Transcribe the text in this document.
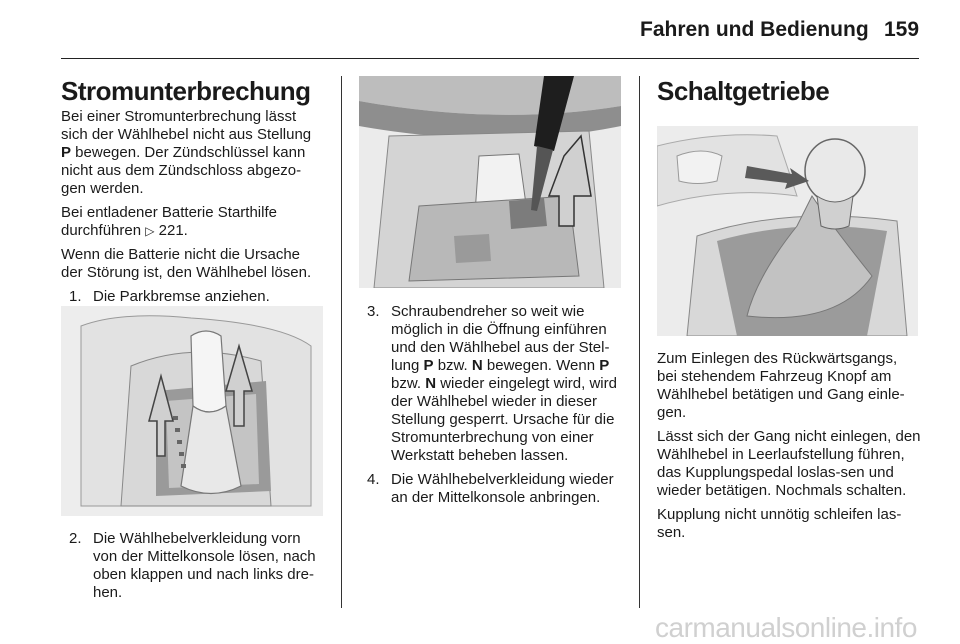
Fahren und Bedienung 159
Stromunterbrechung

Bei einer Stromunterbrechung lässt sich der Wählhebel nicht aus Stellung P bewegen. Der Zündschlüssel kann nicht aus dem Zündschloss abgezo-gen werden.

Bei entladener Batterie Starthilfe durchführen ▷ 221.

Wenn die Batterie nicht die Ursache der Störung ist, den Wählhebel lösen.

1. Die Parkbremse anziehen.
2. Die Wählhebelverkleidung vorn von der Mittelkonsole lösen, nach oben klappen und nach links dre-hen.
3. Schraubendreher so weit wie möglich in die Öffnung einführen und den Wählhebel aus der Stel-lung P bzw. N bewegen. Wenn P bzw. N wieder eingelegt wird, wird der Wählhebel wieder in dieser Stellung gesperrt. Ursache für die Stromunterbrechung von einer Werkstatt beheben lassen.
4. Die Wählhebelverkleidung wieder an der Mittelkonsole anbringen.
Schaltgetriebe

Zum Einlegen des Rückwärtsgangs, bei stehendem Fahrzeug Knopf am Wählhebel betätigen und Gang einle-gen.

Lässt sich der Gang nicht einlegen, den Wählhebel in Leerlaufstellung führen, das Kupplungspedal loslas-sen und wieder betätigen. Nochmals schalten.

Kupplung nicht unnötig schleifen las-sen.

carmanualsonline.info
